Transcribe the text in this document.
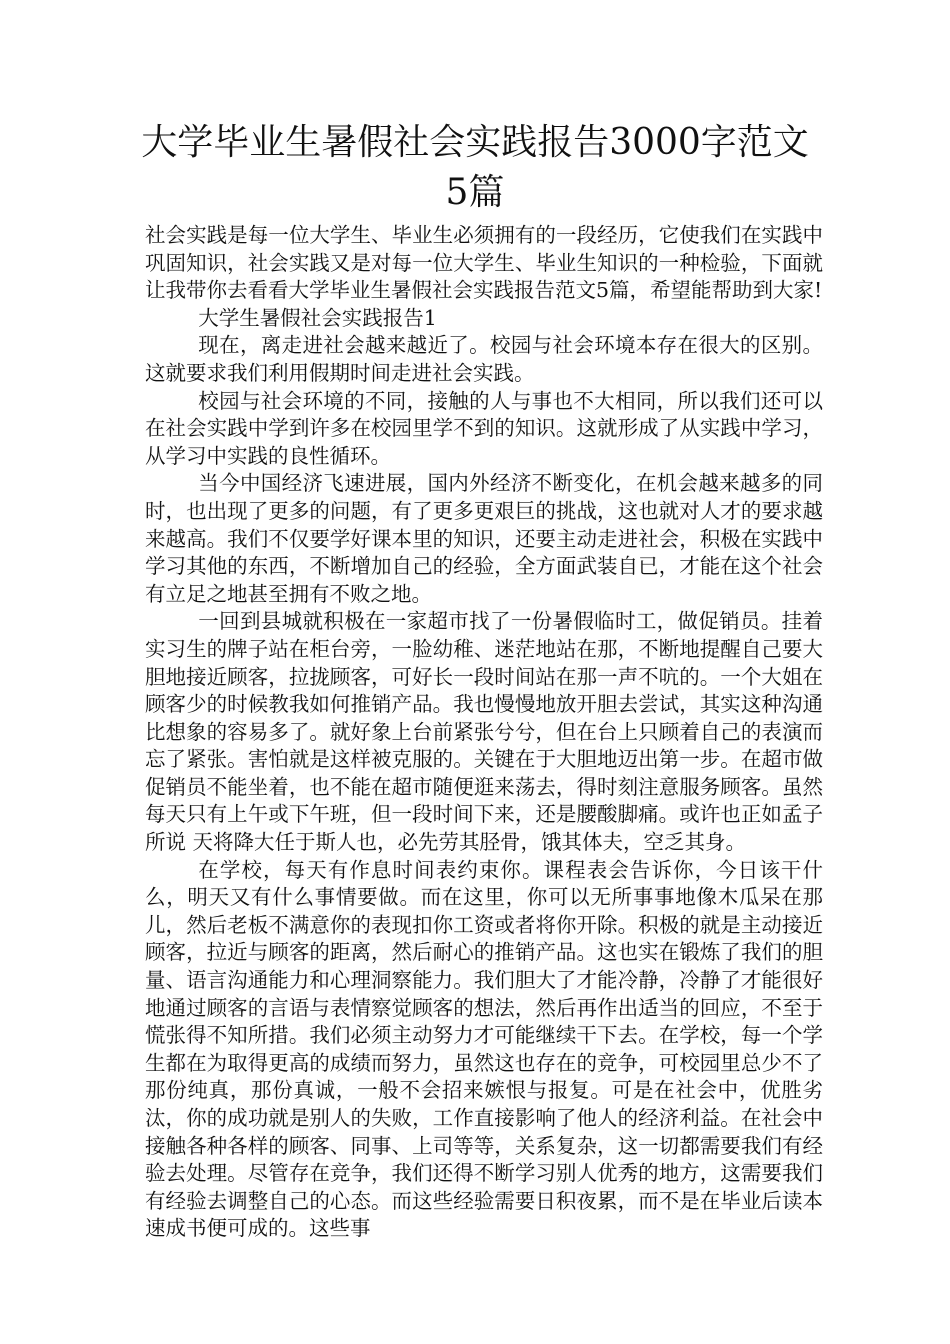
大学毕业生暑假社会实践报告3000字范文5篇

社会实践是每一位大学生、毕业生必须拥有的一段经历，它使我们在实践中巩固知识，社会实践又是对每一位大学生、毕业生知识的一种检验，下面就让我带你去看看大学毕业生暑假社会实践报告范文5篇，希望能帮助到大家!

大学生暑假社会实践报告1

现在，离走进社会越来越近了。校园与社会环境本存在很大的区别。这就要求我们利用假期时间走进社会实践。

校园与社会环境的不同，接触的人与事也不大相同，所以我们还可以在社会实践中学到许多在校园里学不到的知识。这就形成了从实践中学习，从学习中实践的良性循环。

当今中国经济飞速进展，国内外经济不断变化，在机会越来越多的同时，也出现了更多的问题，有了更多更艰巨的挑战，这也就对人才的要求越来越高。我们不仅要学好课本里的知识，还要主动走进社会，积极在实践中学习其他的东西，不断增加自己的经验，全方面武装自已，才能在这个社会有立足之地甚至拥有不败之地。

一回到县城就积极在一家超市找了一份暑假临时工，做促销员。挂着实习生的牌子站在柜台旁，一脸幼稚、迷茫地站在那，不断地提醒自己要大胆地接近顾客，拉拢顾客，可好长一段时间站在那一声不吭的。一个大姐在顾客少的时候教我如何推销产品。我也慢慢地放开胆去尝试，其实这种沟通比想象的容易多了。就好象上台前紧张兮兮，但在台上只顾着自己的表演而忘了紧张。害怕就是这样被克服的。关键在于大胆地迈出第一步。在超市做促销员不能坐着，也不能在超市随便逛来荡去，得时刻注意服务顾客。虽然每天只有上午或下午班，但一段时间下来，还是腰酸脚痛。或许也正如孟子所说 天将降大任于斯人也，必先劳其胫骨，饿其体夫，空乏其身。

在学校，每天有作息时间表约束你。课程表会告诉你，今日该干什么，明天又有什么事情要做。而在这里，你可以无所事事地像木瓜呆在那儿，然后老板不满意你的表现扣你工资或者将你开除。积极的就是主动接近顾客，拉近与顾客的距离，然后耐心的推销产品。这也实在锻炼了我们的胆量、语言沟通能力和心理洞察能力。我们胆大了才能冷静，冷静了才能很好地通过顾客的言语与表情察觉顾客的想法，然后再作出适当的回应，不至于慌张得不知所措。我们必须主动努力才可能继续干下去。在学校，每一个学生都在为取得更高的成绩而努力，虽然这也存在的竞争，可校园里总少不了那份纯真，那份真诚，一般不会招来嫉恨与报复。可是在社会中，优胜劣汰，你的成功就是别人的失败，工作直接影响了他人的经济利益。在社会中接触各种各样的顾客、同事、上司等等，关系复杂，这一切都需要我们有经验去处理。尽管存在竞争，我们还得不断学习别人优秀的地方，这需要我们有经验去调整自己的心态。而这些经验需要日积夜累，而不是在毕业后读本速成书便可成的。这些事
